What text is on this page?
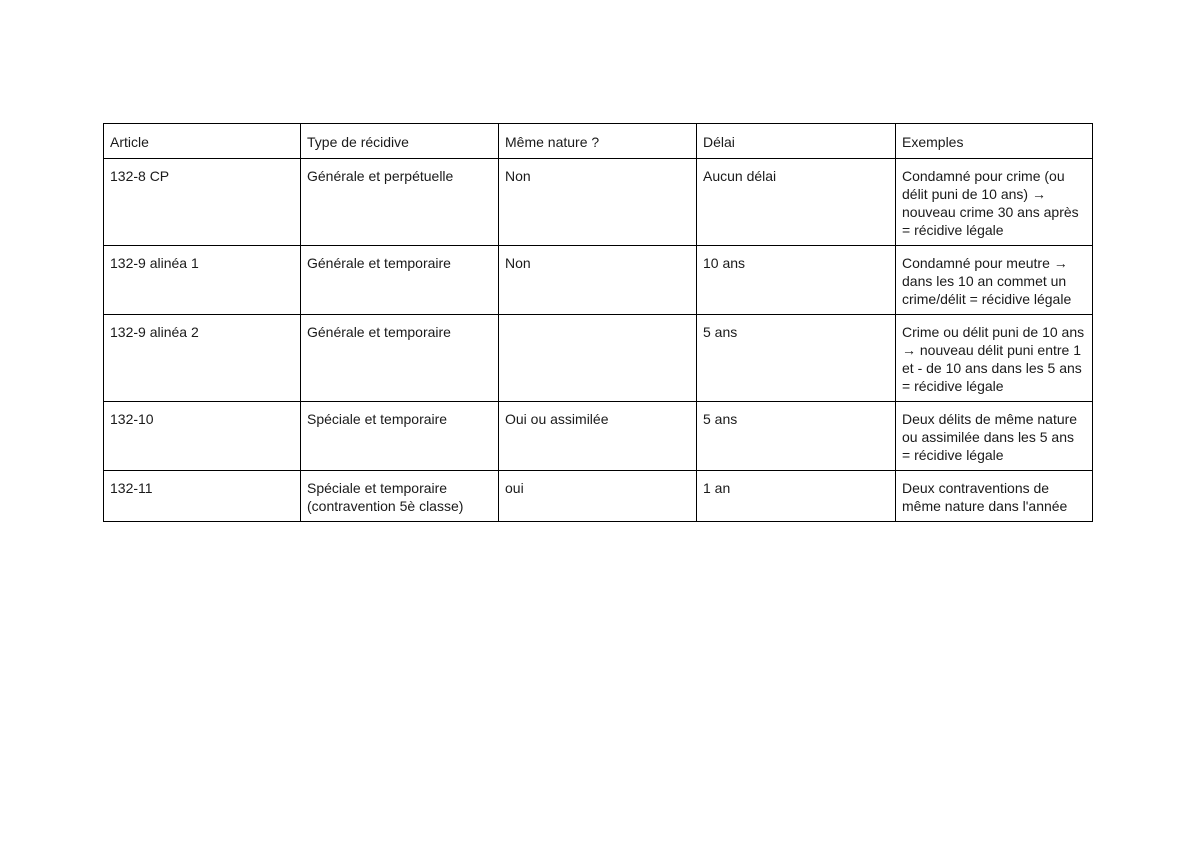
Article	Type de récidive	Même nature ?	Délai	Exemples
132-8 CP	Générale et perpétuelle	Non	Aucun délai	Condamné pour crime (ou délit puni de 10 ans) → nouveau crime 30 ans après = récidive légale
132-9 alinéa 1	Générale et temporaire	Non	10 ans	Condamné pour meutre → dans les 10 an commet un crime/délit = récidive légale
132-9 alinéa 2	Générale et temporaire		5 ans	Crime ou délit puni de 10 ans → nouveau délit puni entre 1 et - de 10 ans dans les 5 ans = récidive légale
132-10	Spéciale et temporaire	Oui ou assimilée	5 ans	Deux délits de même nature ou assimilée dans les 5 ans = récidive légale
132-11	Spéciale et temporaire (contravention 5è classe)	oui	1 an	Deux contraventions de même nature dans l'année
